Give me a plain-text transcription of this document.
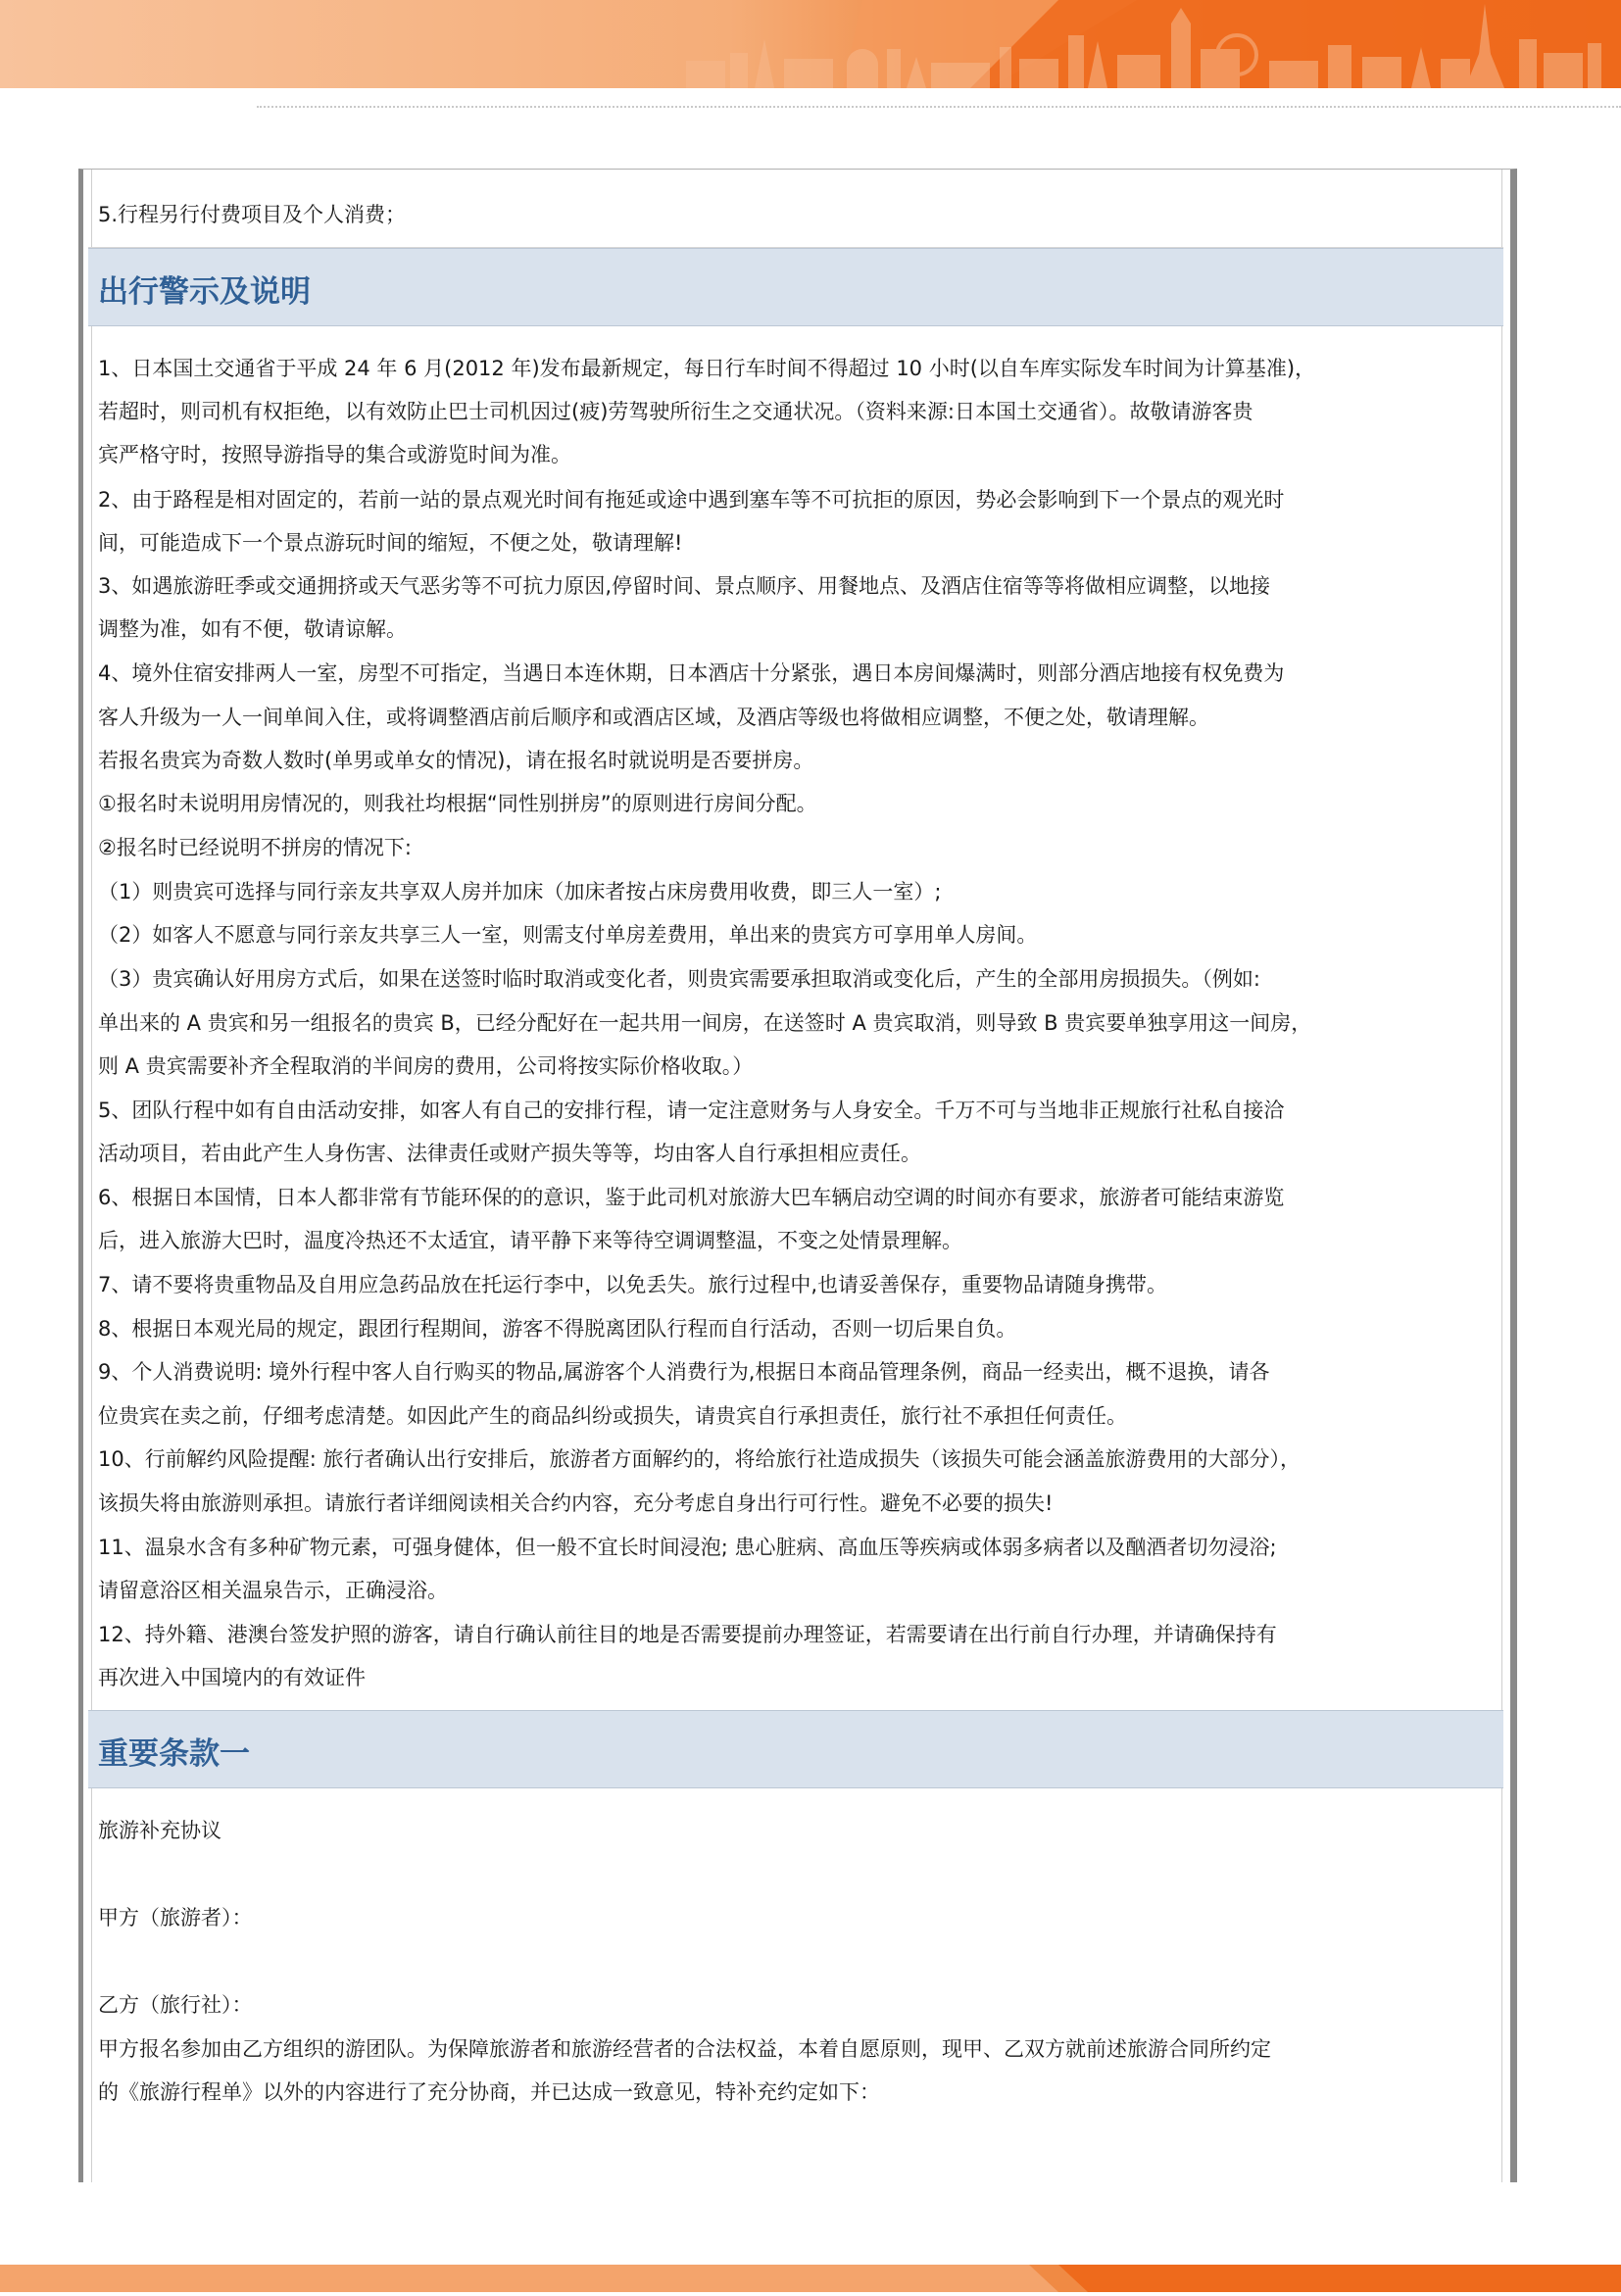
5.行程另行付费项目及个人消费；
出行警示及说明
1、日本国土交通省于平成 24 年 6 月(2012 年)发布最新规定，每日行车时间不得超过 10 小时(以自车库实际发车时间为计算基准)，
若超时，则司机有权拒绝，以有效防止巴士司机因过(疲)劳驾驶所衍生之交通状况。（资料来源:日本国土交通省）。故敬请游客贵
宾严格守时，按照导游指导的集合或游览时间为准。
2、由于路程是相对固定的，若前一站的景点观光时间有拖延或途中遇到塞车等不可抗拒的原因，势必会影响到下一个景点的观光时
间，可能造成下一个景点游玩时间的缩短，不便之处，敬请理解!
3、如遇旅游旺季或交通拥挤或天气恶劣等不可抗力原因,停留时间、景点顺序、用餐地点、及酒店住宿等等将做相应调整，以地接
调整为准，如有不便，敬请谅解。
4、境外住宿安排两人一室，房型不可指定，当遇日本连休期，日本酒店十分紧张，遇日本房间爆满时，则部分酒店地接有权免费为
客人升级为一人一间单间入住，或将调整酒店前后顺序和或酒店区域，及酒店等级也将做相应调整，不便之处，敬请理解。
若报名贵宾为奇数人数时(单男或单女的情况)，请在报名时就说明是否要拼房。
①报名时未说明用房情况的，则我社均根据“同性别拼房”的原则进行房间分配。
②报名时已经说明不拼房的情况下:
（1）则贵宾可选择与同行亲友共享双人房并加床（加床者按占床房费用收费，即三人一室）;
（2）如客人不愿意与同行亲友共享三人一室，则需支付单房差费用，单出来的贵宾方可享用单人房间。
（3）贵宾确认好用房方式后，如果在送签时临时取消或变化者，则贵宾需要承担取消或变化后，产生的全部用房损损失。（例如:
单出来的 A 贵宾和另一组报名的贵宾 B，已经分配好在一起共用一间房，在送签时 A 贵宾取消，则导致 B 贵宾要单独享用这一间房，
则 A 贵宾需要补齐全程取消的半间房的费用，公司将按实际价格收取。）
5、团队行程中如有自由活动安排，如客人有自己的安排行程，请一定注意财务与人身安全。千万不可与当地非正规旅行社私自接洽
活动项目，若由此产生人身伤害、法律责任或财产损失等等，均由客人自行承担相应责任。
6、根据日本国情，日本人都非常有节能环保的的意识，鉴于此司机对旅游大巴车辆启动空调的时间亦有要求，旅游者可能结束游览
后，进入旅游大巴时，温度冷热还不太适宜，请平静下来等待空调调整温，不变之处情景理解。
7、请不要将贵重物品及自用应急药品放在托运行李中，以免丢失。旅行过程中,也请妥善保存，重要物品请随身携带。
8、根据日本观光局的规定，跟团行程期间，游客不得脱离团队行程而自行活动，否则一切后果自负。
9、个人消费说明: 境外行程中客人自行购买的物品,属游客个人消费行为,根据日本商品管理条例，商品一经卖出，概不退换，请各
位贵宾在卖之前，仔细考虑清楚。如因此产生的商品纠纷或损失，请贵宾自行承担责任，旅行社不承担任何责任。
10、行前解约风险提醒: 旅行者确认出行安排后，旅游者方面解约的，将给旅行社造成损失（该损失可能会涵盖旅游费用的大部分），
该损失将由旅游则承担。请旅行者详细阅读相关合约内容，充分考虑自身出行可行性。避免不必要的损失!
11、温泉水含有多种矿物元素，可强身健体，但一般不宜长时间浸泡; 患心脏病、高血压等疾病或体弱多病者以及酗酒者切勿浸浴;
请留意浴区相关温泉告示，正确浸浴。
12、持外籍、港澳台签发护照的游客，请自行确认前往目的地是否需要提前办理签证，若需要请在出行前自行办理，并请确保持有
再次进入中国境内的有效证件
重要条款一
旅游补充协议
甲方（旅游者）：
乙方（旅行社）：
甲方报名参加由乙方组织的游团队。为保障旅游者和旅游经营者的合法权益，本着自愿原则，现甲、乙双方就前述旅游合同所约定
的《旅游行程单》以外的内容进行了充分协商，并已达成一致意见，特补充约定如下：
